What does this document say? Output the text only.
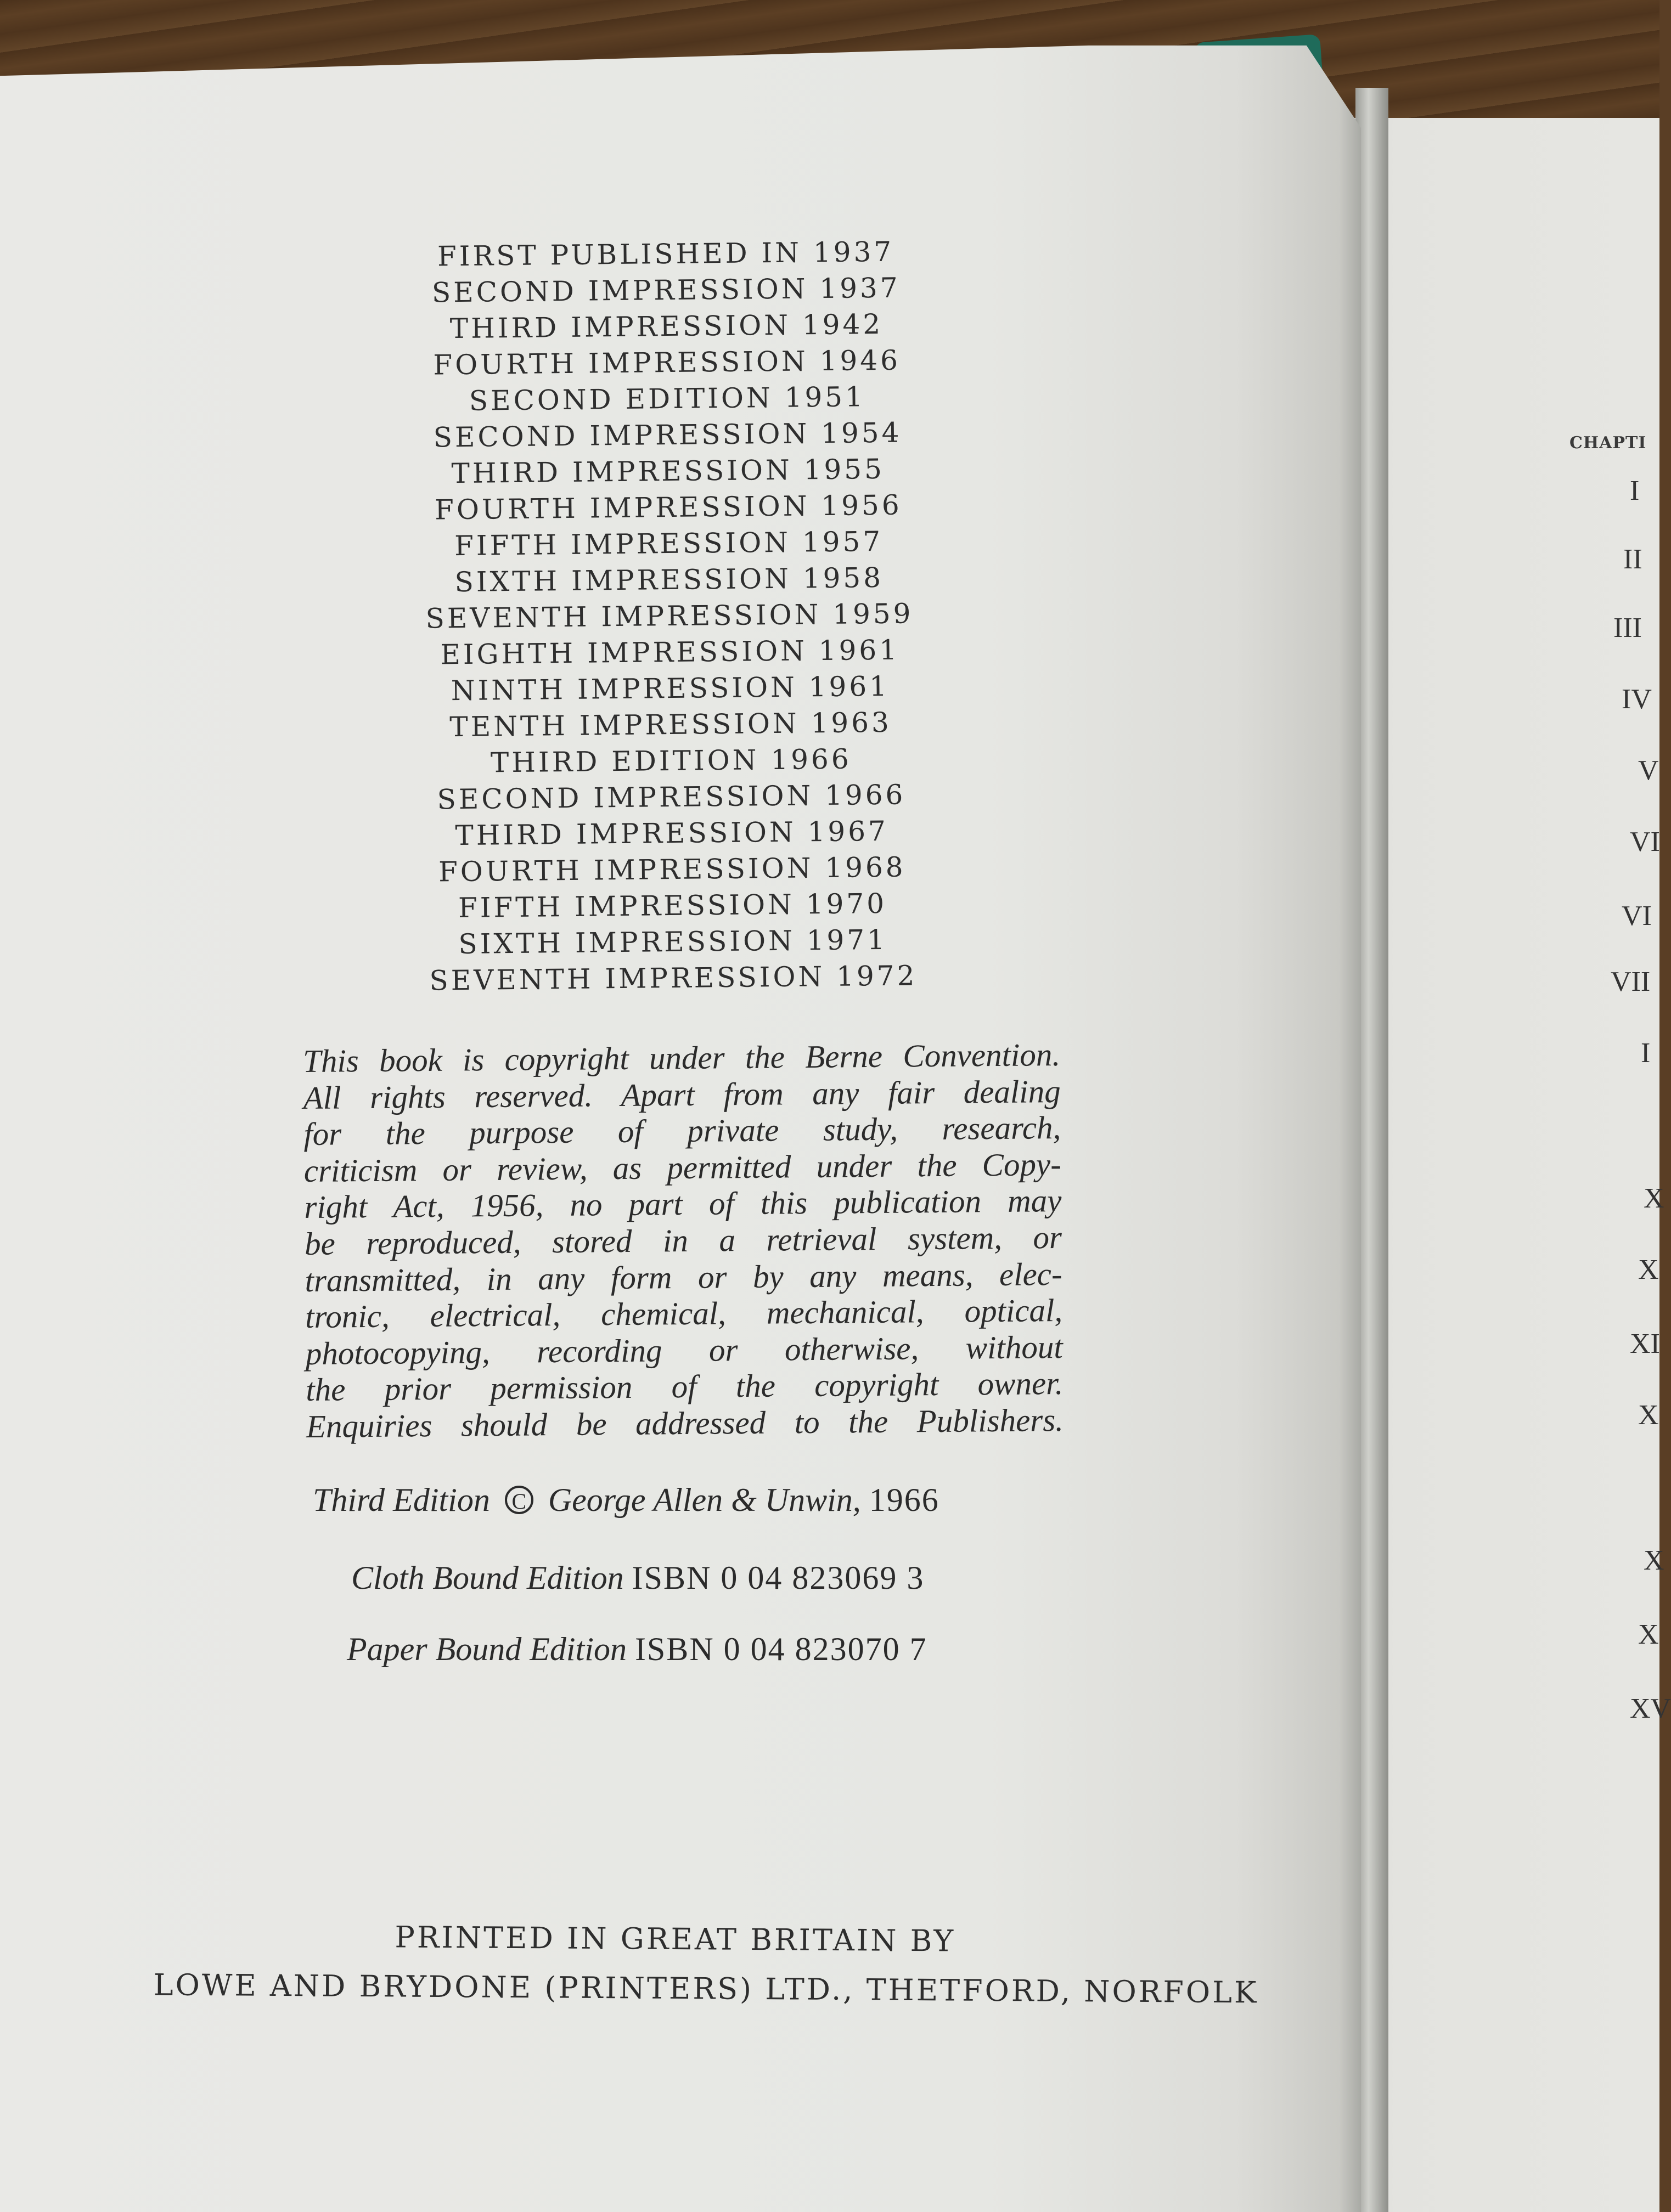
CHAPTI
I
II
III
IV
V
VI
VI
VII
I
X
X
XI
X
X
X
XV
FIRST PUBLISHED IN 1937
SECOND IMPRESSION 1937
THIRD IMPRESSION 1942
FOURTH IMPRESSION 1946
SECOND EDITION 1951
SECOND IMPRESSION 1954
THIRD IMPRESSION 1955
FOURTH IMPRESSION 1956
FIFTH IMPRESSION 1957
SIXTH IMPRESSION 1958
SEVENTH IMPRESSION 1959
EIGHTH IMPRESSION 1961
NINTH IMPRESSION 1961
TENTH IMPRESSION 1963
THIRD EDITION 1966
SECOND IMPRESSION 1966
THIRD IMPRESSION 1967
FOURTH IMPRESSION 1968
FIFTH IMPRESSION 1970
SIXTH IMPRESSION 1971
SEVENTH IMPRESSION 1972
This book is copyright under the Berne Convention.
All rights reserved. Apart from any fair dealing
for the purpose of private study, research,
criticism or review, as permitted under the Copy-
right Act, 1956, no part of this publication may
be reproduced, stored in a retrieval system, or
transmitted, in any form or by any means, elec-
tronic, electrical, chemical, mechanical, optical,
photocopying, recording or otherwise, without
the prior permission of the copyright owner.
Enquiries should be addressed to the Publishers.
Third Edition C George Allen & Unwin, 1966
Cloth Bound Edition ISBN 0 04 823069 3
Paper Bound Edition ISBN 0 04 823070 7
PRINTED IN GREAT BRITAIN BY
LOWE AND BRYDONE (PRINTERS) LTD., THETFORD, NORFOLK
